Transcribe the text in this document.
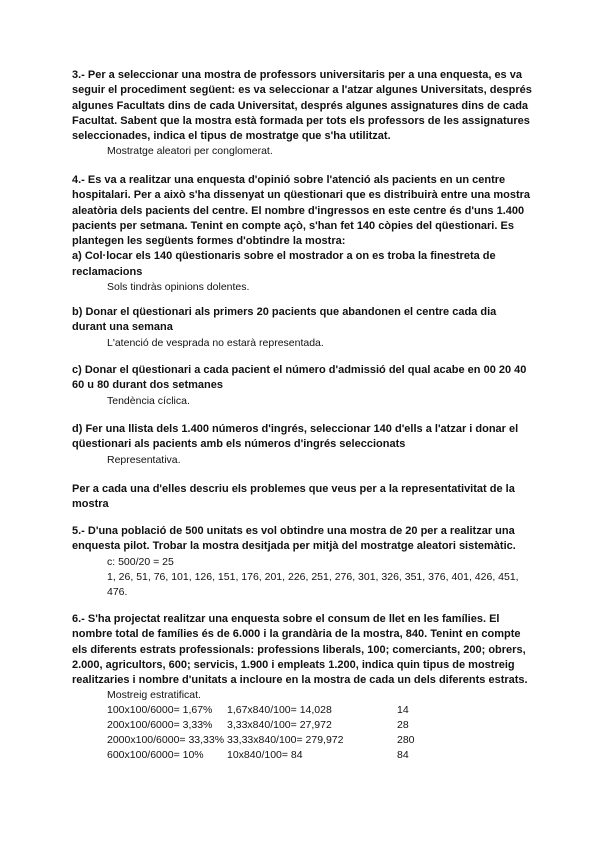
3.- Per a seleccionar una mostra de professors universitaris per a una enquesta, es va seguir el procediment següent: es va seleccionar a l'atzar algunes Universitats, després algunes Facultats dins de cada Universitat, després algunes assignatures dins de cada Facultat. Sabent que la mostra està formada per tots els professors de les assignatures seleccionades, indica el tipus de mostratge que s'ha utilitzat.

Mostratge aleatori per conglomerat.

4.- Es va a realitzar una enquesta d'opinió sobre l'atenció als pacients en un centre hospitalari. Per a això s'ha dissenyat un qüestionari que es distribuirà entre una mostra aleatòria dels pacients del centre. El nombre d'ingressos en este centre és d'uns 1.400 pacients per setmana. Tenint en compte açò, s'han fet 140 còpies del qüestionari. Es plantegen les següents formes d'obtindre la mostra:

a) Col·locar els 140 qüestionaris sobre el mostrador a on es troba la finestreta de reclamacions

Sols tindràs opinions dolentes.

b) Donar el qüestionari als primers 20 pacients que abandonen el centre cada dia durant una semana

L'atenció de vesprada no estarà representada.

c) Donar el qüestionari a cada pacient el número d'admissió del qual acabe en 00 20 40 60 u 80 durant dos setmanes

Tendència cíclica.

d) Fer una llista dels 1.400 números d'ingrés, seleccionar 140 d'ells a l'atzar i donar el qüestionari als pacients amb els números d'ingrés seleccionats

Representativa.

Per a cada una d'elles descriu els problemes que veus per a la representativitat de la mostra

5.- D'una població de 500 unitats es vol obtindre una mostra de 20 per a realitzar una enquesta pilot. Trobar la mostra desitjada per mitjà del mostratge aleatori sistemàtic.

c: 500/20 = 25

1, 26, 51, 76, 101, 126, 151, 176, 201, 226, 251, 276, 301, 326, 351, 376, 401, 426, 451, 476.

6.- S'ha projectat realitzar una enquesta sobre el consum de llet en les famílies. El nombre total de famílies és de 6.000 i la grandària de la mostra, 840. Tenint en compte els diferents estrats professionals: professions liberals, 100; comerciants, 200; obrers, 2.000, agricultors, 600; servicis, 1.900 i empleats 1.200, indica quin tipus de mostreig realitzaries i nombre d'unitats a incloure en la mostra de cada un dels diferents estrats.

Mostreig estratificat.

100x100/6000= 1,67% 1,67x840/100= 14,028	14
200x100/6000= 3,33% 3,33x840/100= 27,972	28
2000x100/6000= 33,33% 33,33x840/100= 279,972	280
600x100/6000= 10% 10x840/100= 84	84
